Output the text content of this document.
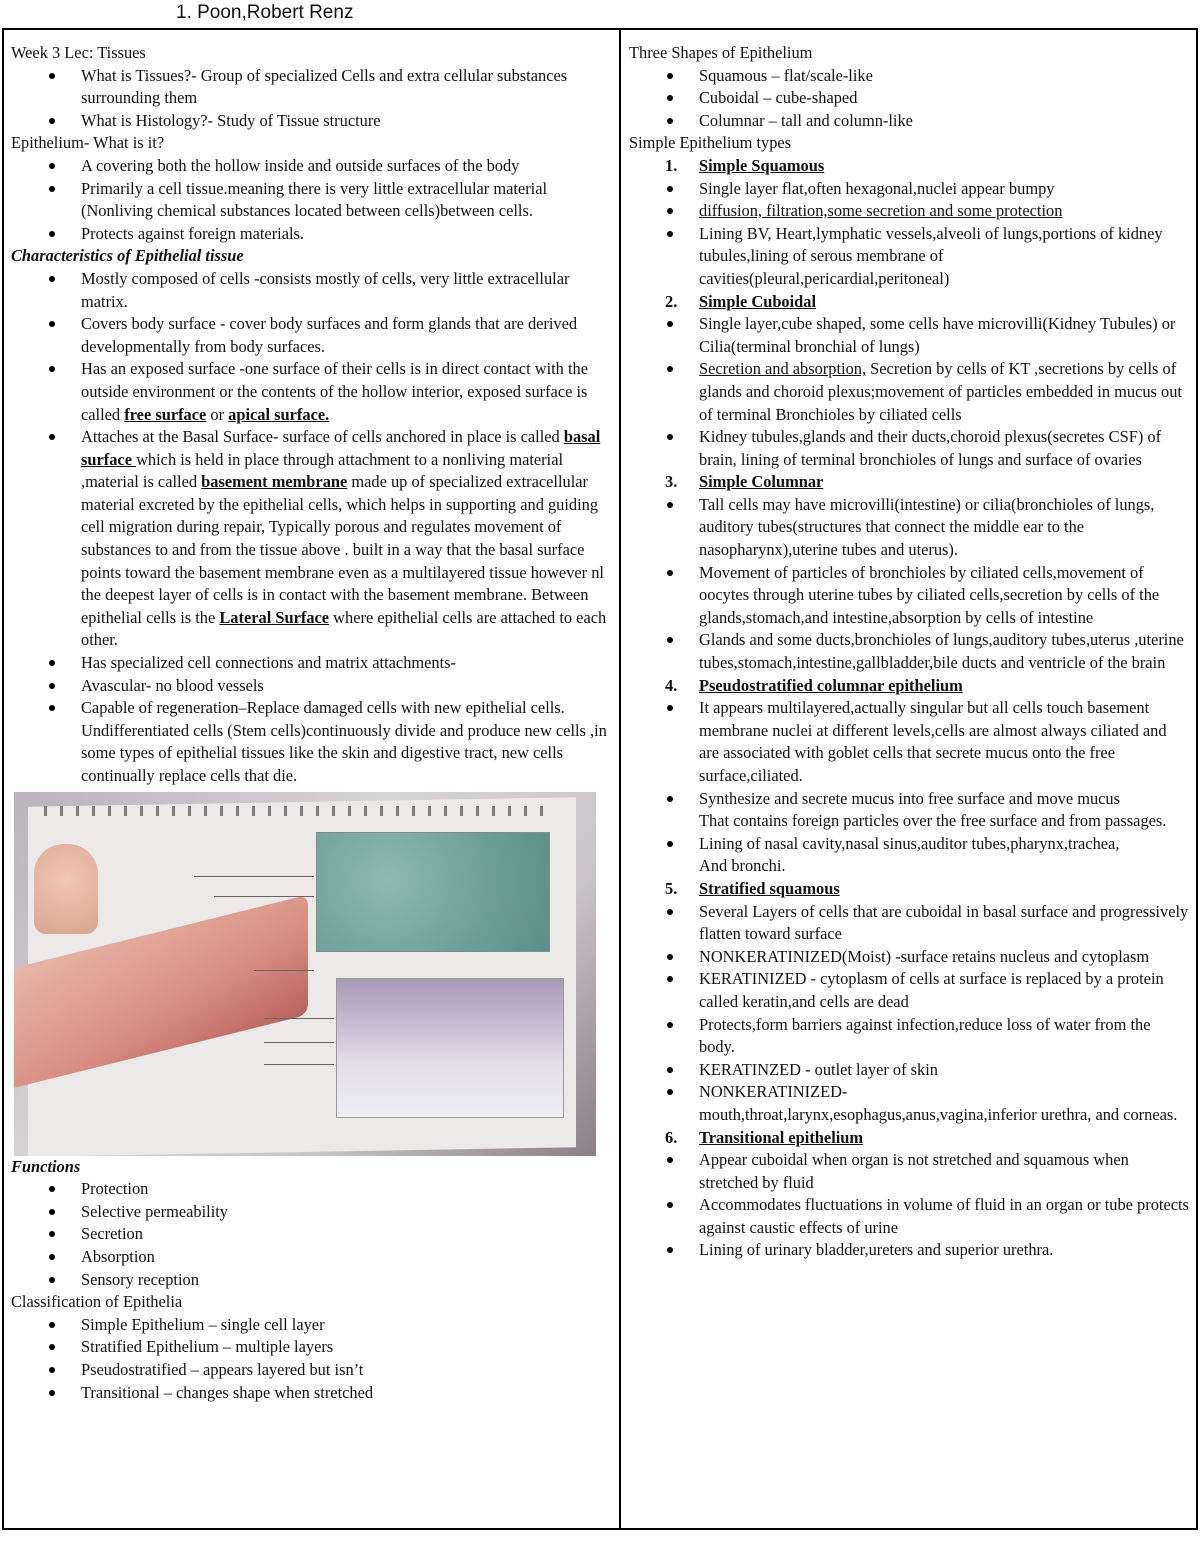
1. Poon,Robert Renz
Week 3 Lec: Tissues
What is Tissues?- Group of specialized Cells and extra cellular substances surrounding them
What is Histology?- Study of Tissue structure
Epithelium- What is it?
A covering both the hollow inside and outside surfaces of the body
Primarily a cell tissue.meaning there is very little extracellular material (Nonliving chemical substances located between cells)between cells.
Protects against foreign materials.
Characteristics of Epithelial tissue
Mostly composed of cells -consists mostly of cells, very little extracellular matrix.
Covers body surface - cover body surfaces and form glands that are derived developmentally from body surfaces.
Has an exposed surface -one surface of their cells is in direct contact with the outside environment or the contents of the hollow interior, exposed surface is called free surface or apical surface.
Attaches at the Basal Surface- surface of cells anchored in place is called basal surface which is held in place through attachment to a nonliving material ,material is called basement membrane made up of specialized extracellular material excreted by the epithelial cells, which helps in supporting and guiding cell migration during repair, Typically porous and regulates movement of substances to and from the tissue above . built in a way that the basal surface points toward the basement membrane even as a multilayered tissue however nl the deepest layer of cells is in contact with the basement membrane. Between epithelial cells is the Lateral Surface where epithelial cells are attached to each other.
Has specialized cell connections and matrix attachments-
Avascular- no blood vessels
Capable of regeneration–Replace damaged cells with new epithelial cells. Undifferentiated cells (Stem cells)continuously divide and produce new cells ,in some types of epithelial tissues like the skin and digestive tract, new cells continually replace cells that die.
Functions
Protection
Selective permeability
Secretion
Absorption
Sensory reception
Classification of Epithelia
Simple Epithelium – single cell layer
Stratified Epithelium – multiple layers
Pseudostratified – appears layered but isn’t
Transitional – changes shape when stretched
Three Shapes of Epithelium
Squamous – flat/scale-like
Cuboidal – cube-shaped
Columnar – tall and column-like
Simple Epithelium types
1. Simple Squamous
Single layer flat,often hexagonal,nuclei appear bumpy
diffusion, filtration,some secretion and some protection
Lining BV, Heart,lymphatic vessels,alveoli of lungs,portions of kidney tubules,lining of serous membrane of cavities(pleural,pericardial,peritoneal)
2. Simple Cuboidal
Single layer,cube shaped, some cells have microvilli(Kidney Tubules) or Cilia(terminal bronchial of lungs)
Secretion and absorption, Secretion by cells of KT ,secretions by cells of glands and choroid plexus;movement of particles embedded in mucus out of terminal Bronchioles by ciliated cells
Kidney tubules,glands and their ducts,choroid plexus(secretes CSF) of brain, lining of terminal bronchioles of lungs and surface of ovaries
3. Simple Columnar
Tall cells may have microvilli(intestine) or cilia(bronchioles of lungs, auditory tubes(structures that connect the middle ear to the nasopharynx),uterine tubes and uterus).
Movement of particles of bronchioles by ciliated cells,movement of oocytes through uterine tubes by ciliated cells,secretion by cells of the glands,stomach,and intestine,absorption by cells of intestine
Glands and some ducts,bronchioles of lungs,auditory tubes,uterus ,uterine tubes,stomach,intestine,gallbladder,bile ducts and ventricle of the brain
4. Pseudostratified columnar epithelium
It appears multilayered,actually singular but all cells touch basement membrane nuclei at different levels,cells are almost always ciliated and are associated with goblet cells that secrete mucus onto the free surface,ciliated.
Synthesize and secrete mucus into free surface and move mucus
That contains foreign particles over the free surface and from passages.
Lining of nasal cavity,nasal sinus,auditor tubes,pharynx,trachea,
And bronchi.
5. Stratified squamous
Several Layers of cells that are cuboidal in basal surface and progressively flatten toward surface
NONKERATINIZED(Moist) -surface retains nucleus and cytoplasm
KERATINIZED - cytoplasm of cells at surface is replaced by a protein called keratin,and cells are dead
Protects,form barriers against infection,reduce loss of water from the body.
KERATINZED - outlet layer of skin
NONKERATINIZED- mouth,throat,larynx,esophagus,anus,vagina,inferior urethra, and corneas.
6. Transitional epithelium
Appear cuboidal when organ is not stretched and squamous when stretched by fluid
Accommodates fluctuations in volume of fluid in an organ or tube protects against caustic effects of urine
Lining of urinary bladder,ureters and superior urethra.
